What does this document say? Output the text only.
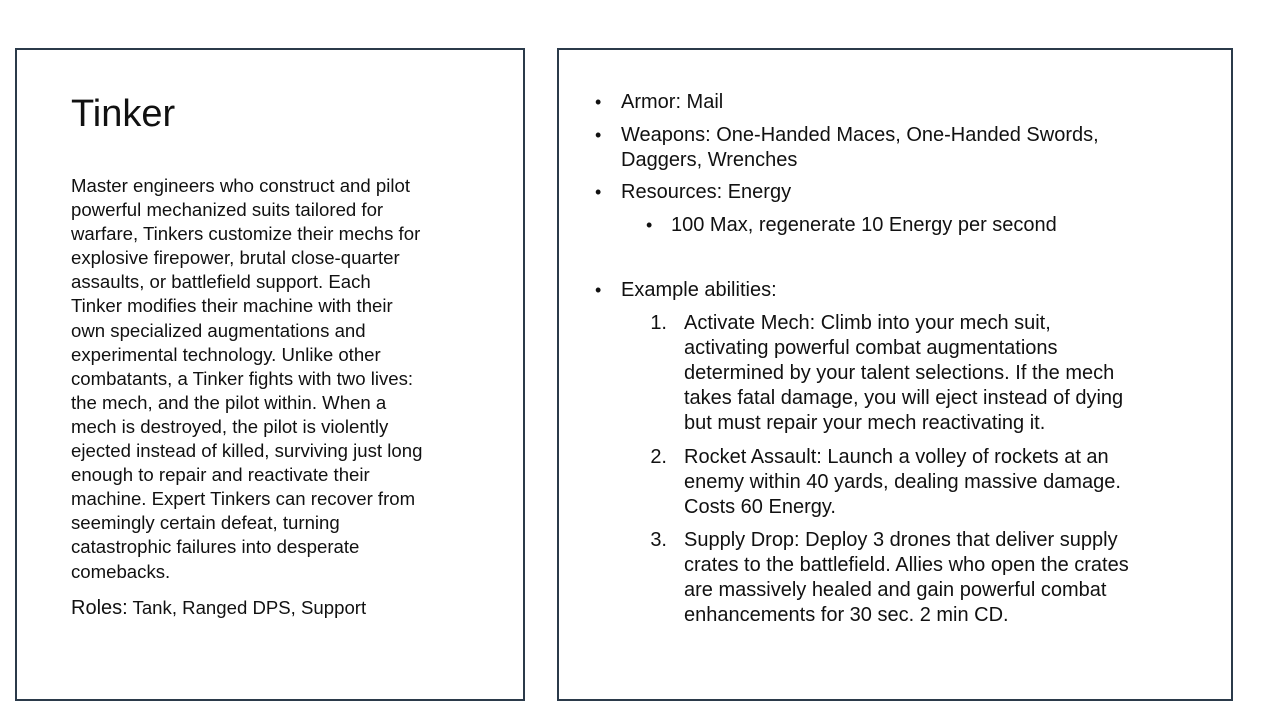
Tinker
Master engineers who construct and pilot
powerful mechanized suits tailored for
warfare, Tinkers customize their mechs for
explosive firepower, brutal close-quarter
assaults, or battlefield support. Each
Tinker modifies their machine with their
own specialized augmentations and
experimental technology. Unlike other
combatants, a Tinker fights with two lives:
the mech, and the pilot within. When a
mech is destroyed, the pilot is violently
ejected instead of killed, surviving just long
enough to repair and reactivate their
machine. Expert Tinkers can recover from
seemingly certain defeat, turning
catastrophic failures into desperate
comebacks.
Roles: Tank, Ranged DPS, Support
• Armor: Mail
• Weapons: One-Handed Maces, One-Handed Swords,
Daggers, Wrenches
• Resources: Energy
• 100 Max, regenerate 10 Energy per second
• Example abilities:
1. Activate Mech: Climb into your mech suit,
activating powerful combat augmentations
determined by your talent selections. If the mech
takes fatal damage, you will eject instead of dying
but must repair your mech reactivating it.
2. Rocket Assault: Launch a volley of rockets at an
enemy within 40 yards, dealing massive damage.
Costs 60 Energy.
3. Supply Drop: Deploy 3 drones that deliver supply
crates to the battlefield. Allies who open the crates
are massively healed and gain powerful combat
enhancements for 30 sec. 2 min CD.
